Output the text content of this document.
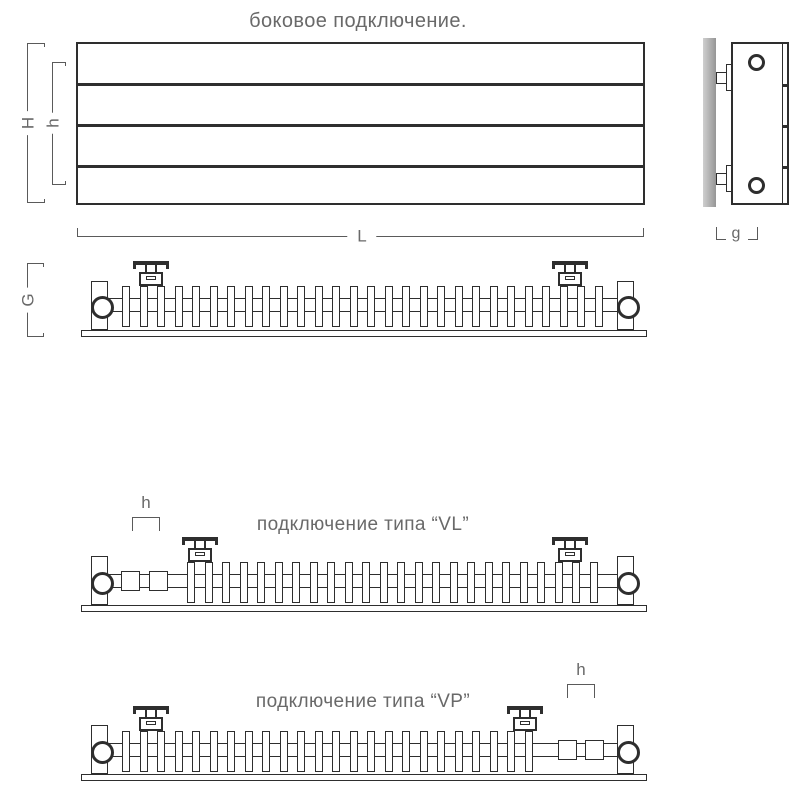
боковое подключение.
H h
L	g
G
подключение типа “VL”
h
подключение типа “VP”
h
